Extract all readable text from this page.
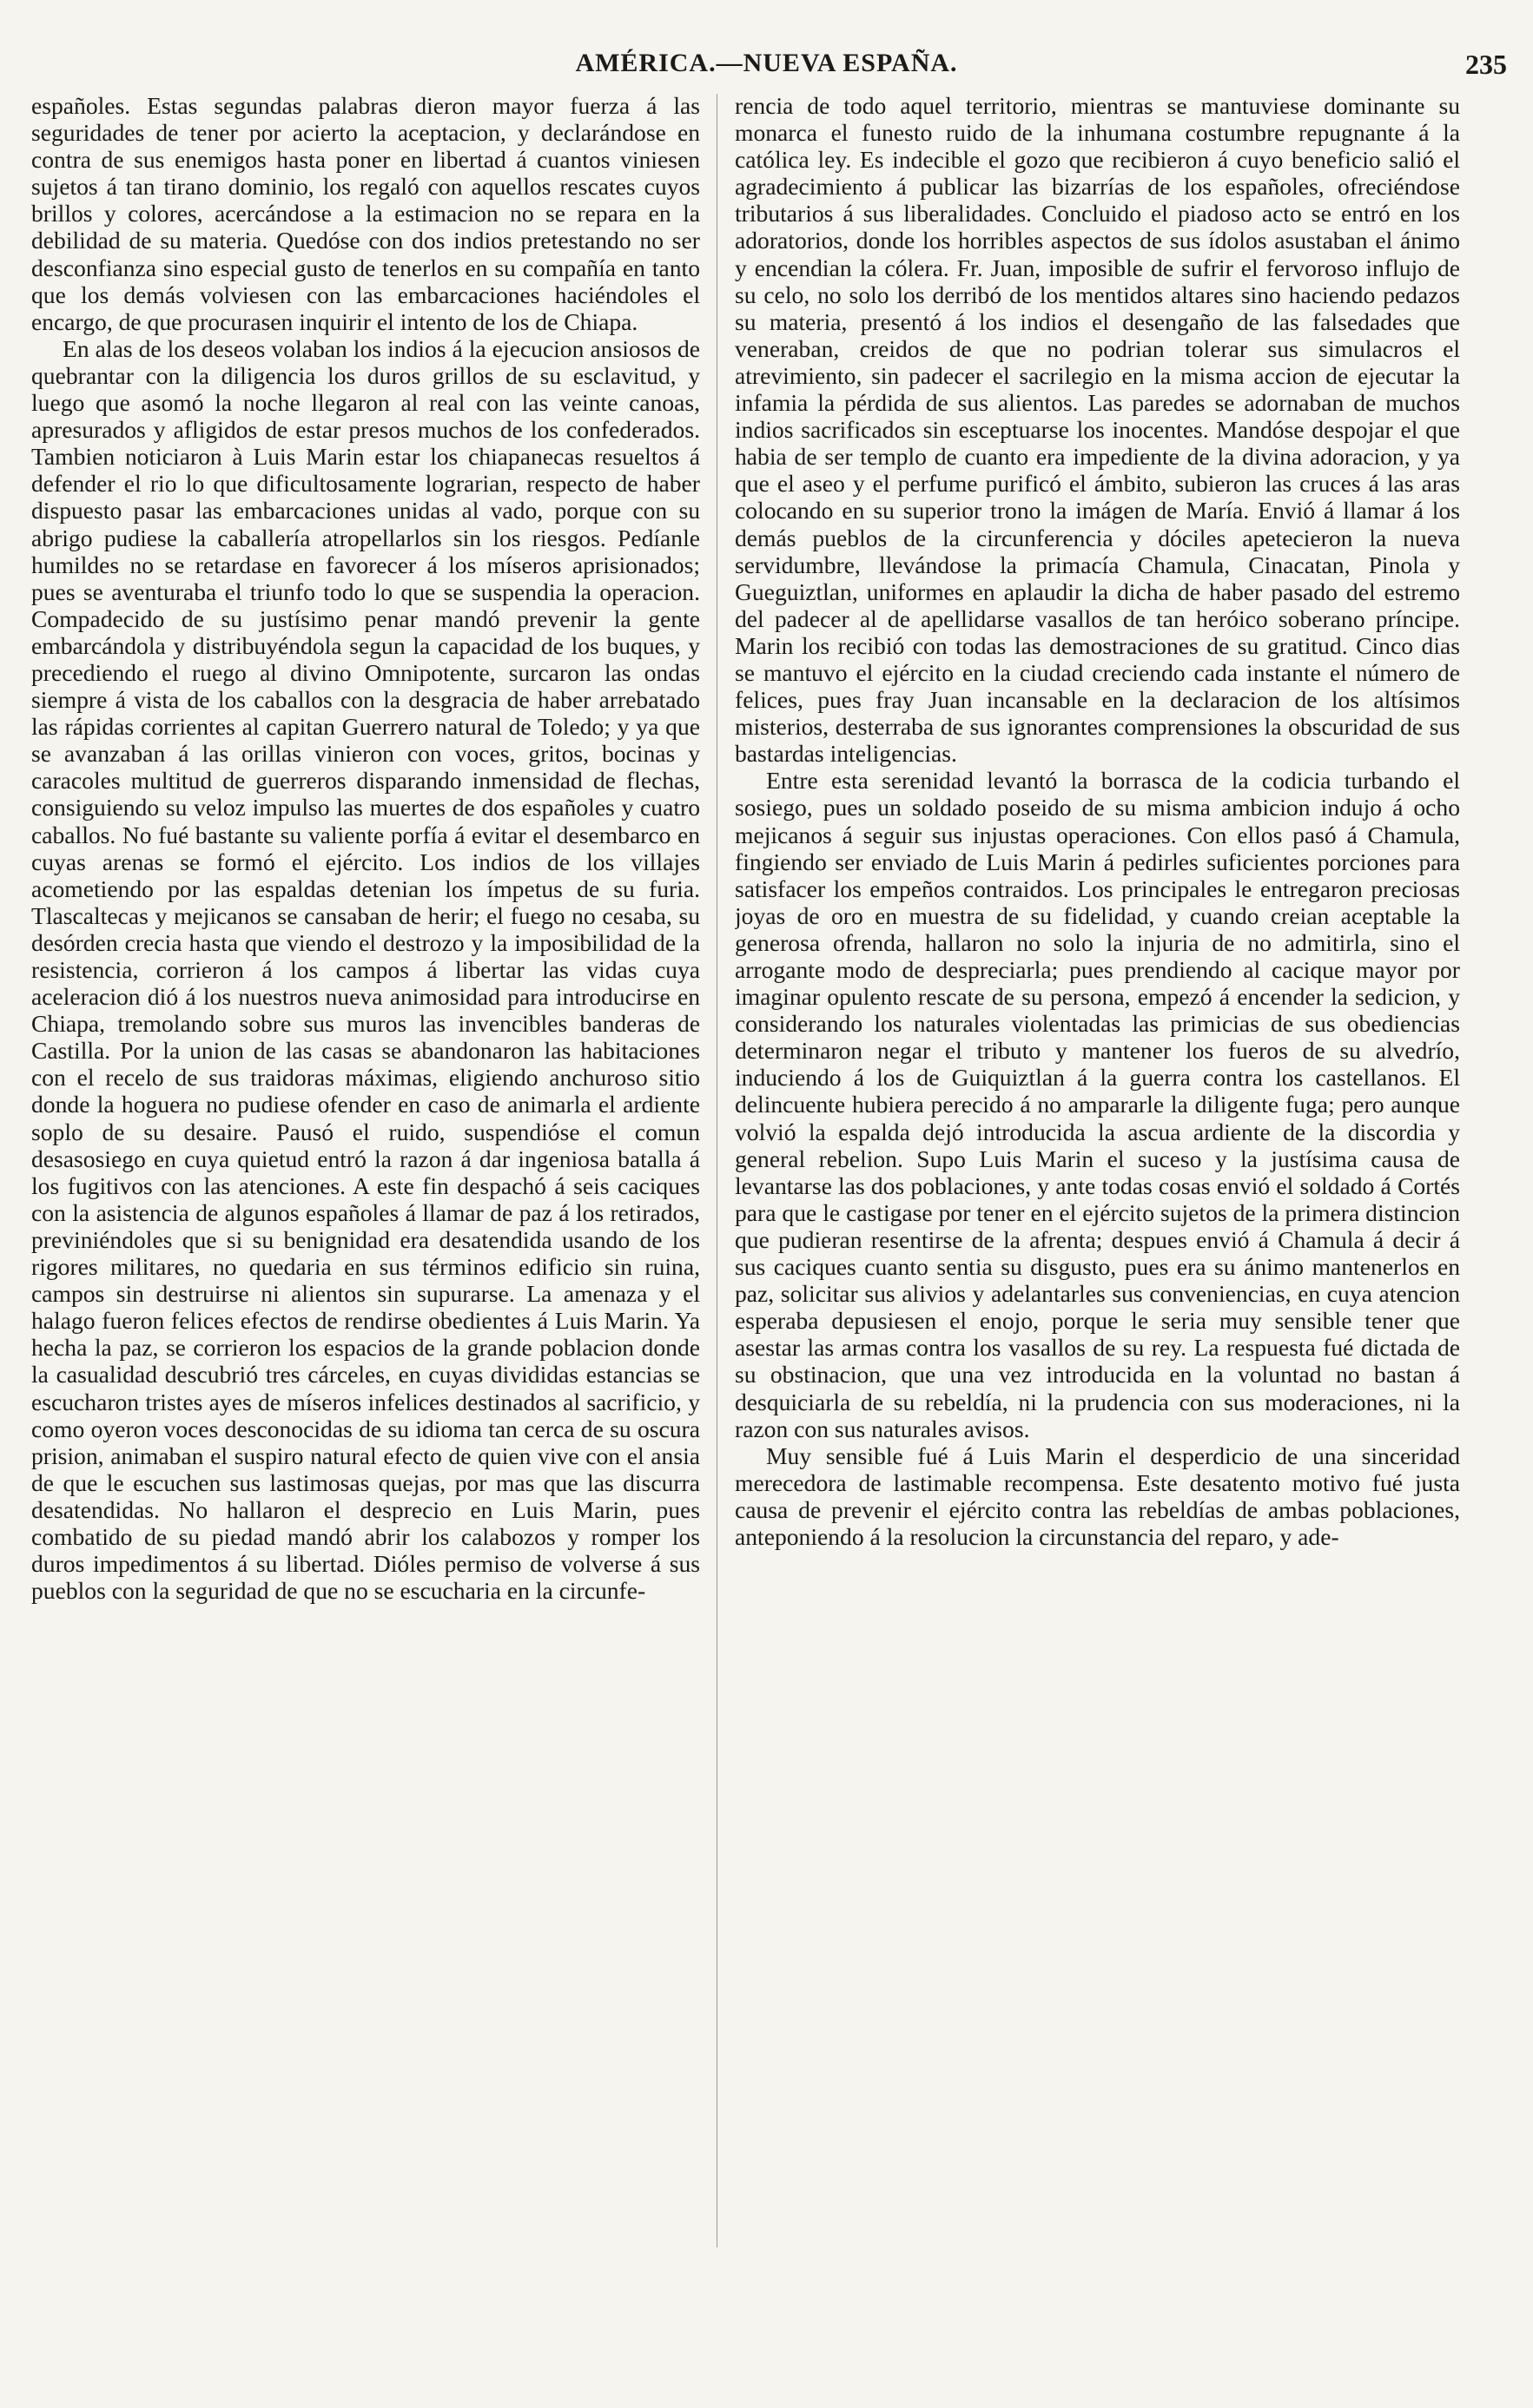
AMÉRICA.—NUEVA ESPAÑA.	235

españoles. Estas segundas palabras dieron mayor fuerza á las seguridades de tener por acierto la aceptacion, y declarándose en contra de sus enemigos hasta poner en libertad á cuantos viniesen sujetos á tan tirano dominio, los regaló con aquellos rescates cuyos brillos y colores, acercándose a la estimacion no se repara en la debilidad de su materia. Quedóse con dos indios pretestando no ser desconfianza sino especial gusto de tenerlos en su compañía en tanto que los demás volviesen con las embarcaciones haciéndoles el encargo, de que procurasen inquirir el intento de los de Chiapa.

En alas de los deseos volaban los indios á la ejecucion ansiosos de quebrantar con la diligencia los duros grillos de su esclavitud, y luego que asomó la noche llegaron al real con las veinte canoas, apresurados y afligidos de estar presos muchos de los confederados. Tambien noticiaron à Luis Marin estar los chiapanecas resueltos á defender el rio lo que dificultosamente lograrian, respecto de haber dispuesto pasar las embarcaciones unidas al vado, porque con su abrigo pudiese la caballería atropellarlos sin los riesgos. Pedíanle humildes no se retardase en favorecer á los míseros aprisionados; pues se aventuraba el triunfo todo lo que se suspendia la operacion. Compadecido de su justísimo penar mandó prevenir la gente embarcándola y distribuyéndola segun la capacidad de los buques, y precediendo el ruego al divino Omnipotente, surcaron las ondas siempre á vista de los caballos con la desgracia de haber arrebatado las rápidas corrientes al capitan Guerrero natural de Toledo; y ya que se avanzaban á las orillas vinieron con voces, gritos, bocinas y caracoles multitud de guerreros disparando inmensidad de flechas, consiguiendo su veloz impulso las muertes de dos españoles y cuatro caballos. No fué bastante su valiente porfía á evitar el desembarco en cuyas arenas se formó el ejército. Los indios de los villajes acometiendo por las espaldas detenian los ímpetus de su furia. Tlascaltecas y mejicanos se cansaban de herir; el fuego no cesaba, su desórden crecia hasta que viendo el destrozo y la imposibilidad de la resistencia, corrieron á los campos á libertar las vidas cuya aceleracion dió á los nuestros nueva animosidad para introducirse en Chiapa, tremolando sobre sus muros las invencibles banderas de Castilla. Por la union de las casas se abandonaron las habitaciones con el recelo de sus traidoras máximas, eligiendo anchuroso sitio donde la hoguera no pudiese ofender en caso de animarla el ardiente soplo de su desaire. Pausó el ruido, suspendióse el comun desasosiego en cuya quietud entró la razon á dar ingeniosa batalla á los fugitivos con las atenciones. A este fin despachó á seis caciques con la asistencia de algunos españoles á llamar de paz á los retirados, previniéndoles que si su benignidad era desatendida usando de los rigores militares, no quedaria en sus términos edificio sin ruina, campos sin destruirse ni alientos sin supurarse. La amenaza y el halago fueron felices efectos de rendirse obedientes á Luis Marin. Ya hecha la paz, se corrieron los espacios de la grande poblacion donde la casualidad descubrió tres cárceles, en cuyas divididas estancias se escucharon tristes ayes de míseros infelices destinados al sacrificio, y como oyeron voces desconocidas de su idioma tan cerca de su oscura prision, animaban el suspiro natural efecto de quien vive con el ansia de que le escuchen sus lastimosas quejas, por mas que las discurra desatendidas. No hallaron el desprecio en Luis Marin, pues combatido de su piedad mandó abrir los calabozos y romper los duros impedimentos á su libertad. Dióles permiso de volverse á sus pueblos con la seguridad de que no se escucharia en la circunfe-

rencia de todo aquel territorio, mientras se mantuviese dominante su monarca el funesto ruido de la inhumana costumbre repugnante á la católica ley. Es indecible el gozo que recibieron á cuyo beneficio salió el agradecimiento á publicar las bizarrías de los españoles, ofreciéndose tributarios á sus liberalidades. Concluido el piadoso acto se entró en los adoratorios, donde los horribles aspectos de sus ídolos asustaban el ánimo y encendian la cólera. Fr. Juan, imposible de sufrir el fervoroso influjo de su celo, no solo los derribó de los mentidos altares sino haciendo pedazos su materia, presentó á los indios el desengaño de las falsedades que veneraban, creidos de que no podrian tolerar sus simulacros el atrevimiento, sin padecer el sacrilegio en la misma accion de ejecutar la infamia la pérdida de sus alientos. Las paredes se adornaban de muchos indios sacrificados sin esceptuarse los inocentes. Mandóse despojar el que habia de ser templo de cuanto era impediente de la divina adoracion, y ya que el aseo y el perfume purificó el ámbito, subieron las cruces á las aras colocando en su superior trono la imágen de María. Envió á llamar á los demás pueblos de la circunferencia y dóciles apetecieron la nueva servidumbre, llevándose la primacía Chamula, Cinacatan, Pinola y Gueguiztlan, uniformes en aplaudir la dicha de haber pasado del estremo del padecer al de apellidarse vasallos de tan heróico soberano príncipe. Marin los recibió con todas las demostraciones de su gratitud. Cinco dias se mantuvo el ejército en la ciudad creciendo cada instante el número de felices, pues fray Juan incansable en la declaracion de los altísimos misterios, desterraba de sus ignorantes comprensiones la obscuridad de sus bastardas inteligencias.

Entre esta serenidad levantó la borrasca de la codicia turbando el sosiego, pues un soldado poseido de su misma ambicion indujo á ocho mejicanos á seguir sus injustas operaciones. Con ellos pasó á Chamula, fingiendo ser enviado de Luis Marin á pedirles suficientes porciones para satisfacer los empeños contraidos. Los principales le entregaron preciosas joyas de oro en muestra de su fidelidad, y cuando creian aceptable la generosa ofrenda, hallaron no solo la injuria de no admitirla, sino el arrogante modo de despreciarla; pues prendiendo al cacique mayor por imaginar opulento rescate de su persona, empezó á encender la sedicion, y considerando los naturales violentadas las primicias de sus obediencias determinaron negar el tributo y mantener los fueros de su alvedrío, induciendo á los de Guiquiztlan á la guerra contra los castellanos. El delincuente hubiera perecido á no ampararle la diligente fuga; pero aunque volvió la espalda dejó introducida la ascua ardiente de la discordia y general rebelion. Supo Luis Marin el suceso y la justísima causa de levantarse las dos poblaciones, y ante todas cosas envió el soldado á Cortés para que le castigase por tener en el ejército sujetos de la primera distincion que pudieran resentirse de la afrenta; despues envió á Chamula á decir á sus caciques cuanto sentia su disgusto, pues era su ánimo mantenerlos en paz, solicitar sus alivios y adelantarles sus conveniencias, en cuya atencion esperaba depusiesen el enojo, porque le seria muy sensible tener que asestar las armas contra los vasallos de su rey. La respuesta fué dictada de su obstinacion, que una vez introducida en la voluntad no bastan á desquiciarla de su rebeldía, ni la prudencia con sus moderaciones, ni la razon con sus naturales avisos.

Muy sensible fué á Luis Marin el desperdicio de una sinceridad merecedora de lastimable recompensa. Este desatento motivo fué justa causa de prevenir el ejército contra las rebeldías de ambas poblaciones, anteponiendo á la resolucion la circunstancia del reparo, y ade-
